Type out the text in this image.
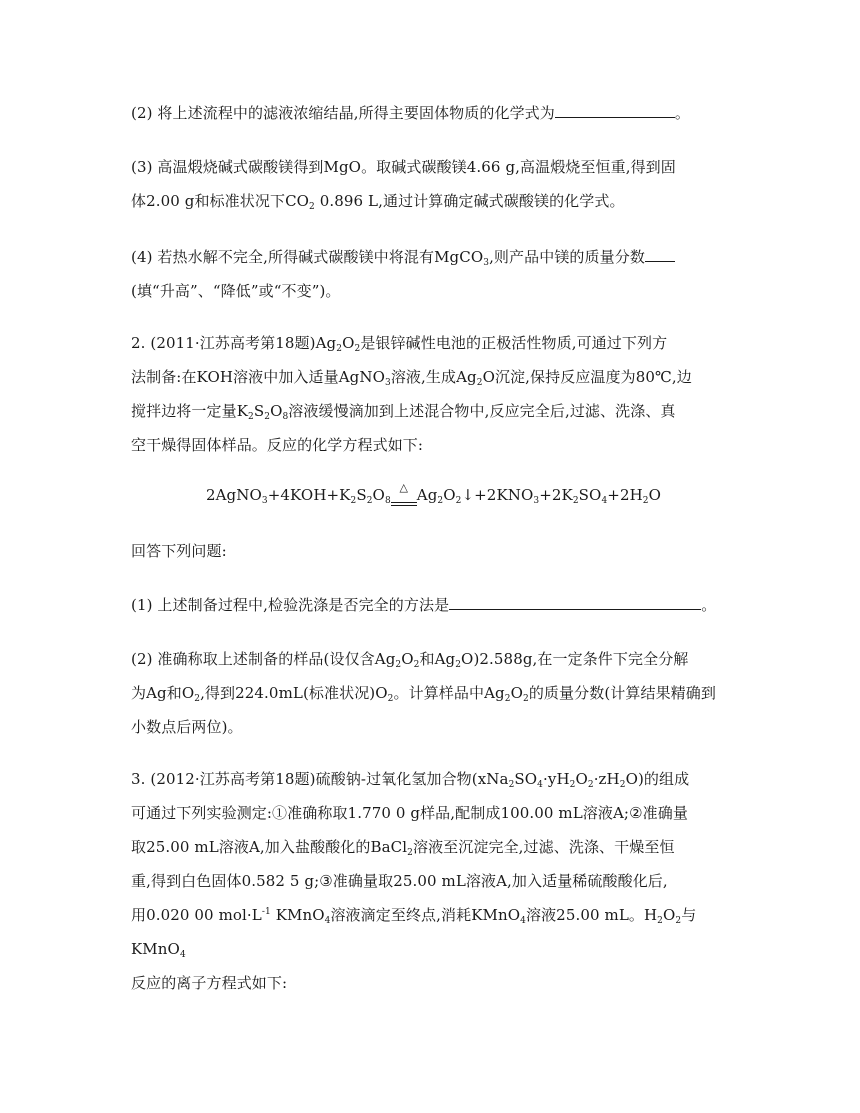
(2) 将上述流程中的滤液浓缩结晶,所得主要固体物质的化学式为	。
(3) 高温煅烧碱式碳酸镁得到MgO。取碱式碳酸镁4.66 g,高温煅烧至恒重,得到固
体2.00 g和标准状况下$CO_2$ 0.896 L,通过计算确定碱式碳酸镁的化学式。
(4) 若热水解不完全,所得碱式碳酸镁中将混有MgCO$_3$,则产品中镁的质量分数
(填“升高”、“降低”或“不变”)。
2. (2011·江苏高考第18题)$Ag_2O_2$是银锌碱性电池的正极活性物质,可通过下列方
法制备:在KOH溶液中加入适量AgNO$_3$溶液,生成$Ag_2O$沉淀,保持反应温度为80℃,边
搅拌边将一定量$K_2S_2O_8$溶液缓慢滴加到上述混合物中,反应完全后,过滤、洗涤、真
空干燥得固体样品。反应的化学方程式如下:
$2AgNO_3+4KOH+K_2S_2O_8$
△ $Ag_2O_2↓+2KNO_3+2K_2SO_4+2H_2O$
回答下列问题:
(1) 上述制备过程中,检验洗涤是否完全的方法是	。
(2) 准确称取上述制备的样品(设仅含$Ag_2O_2$和$Ag_2O)2.588g$,在一定条件下完全分解
为Ag和$O_2$,得到224.0mL(标准状况)$O_2$。计算样品中$Ag_2O_2$的质量分数(计算结果精确到
小数点后两位)。
3. (2012·江苏高考第18题)硫酸钠-过氧化氢加合物$(xNa_2SO_4\cdot yH_2O_2\cdot zH_2O)$的组成
可通过下列实验测定:①准确称取1.770 0 g样品,配制成100.00 mL溶液A;②准确量
取25.00 mL溶液A,加入盐酸酸化的BaCl$_2$溶液至沉淀完全,过滤、洗涤、干燥至恒
重,得到白色固体0.582 5 g;③准确量取25.00 mL溶液A,加入适量稀硫酸酸化后,
用0.020 00 $mol\cdot L^{-1}$ KMnO$_4$溶液滴定至终点,消耗KMnO$_4$溶液25.00 mL。$H_2O_2$与KMnO$_4$
反应的离子方程式如下:
